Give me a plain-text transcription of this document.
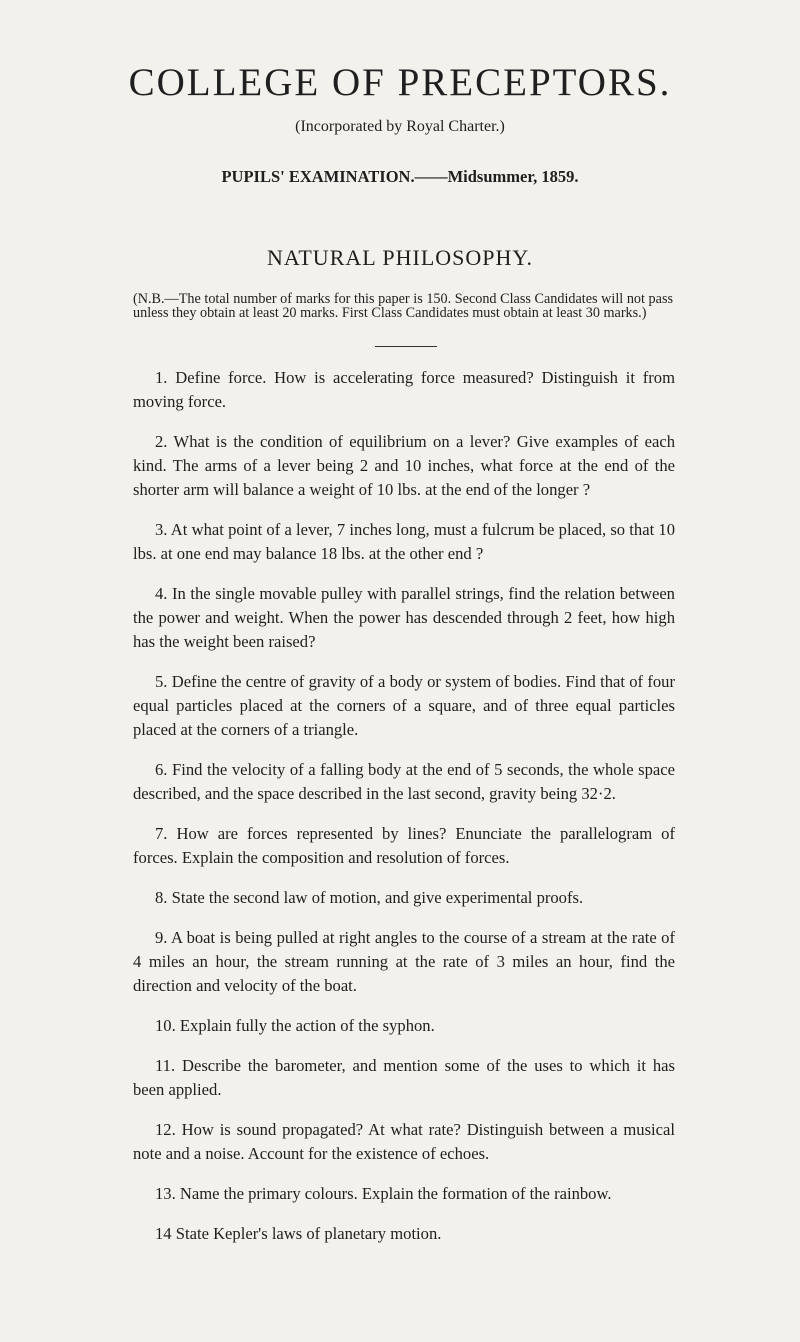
COLLEGE OF PRECEPTORS.
(Incorporated by Royal Charter.)
PUPILS' EXAMINATION.——Midsummer, 1859.
NATURAL PHILOSOPHY.
(N.B.—The total number of marks for this paper is 150. Second Class Candidates will not pass unless they obtain at least 20 marks. First Class Candidates must obtain at least 30 marks.)

1. Define force. How is accelerating force measured? Distinguish it from moving force.

2. What is the condition of equilibrium on a lever? Give examples of each kind. The arms of a lever being 2 and 10 inches, what force at the end of the shorter arm will balance a weight of 10 lbs. at the end of the longer ?

3. At what point of a lever, 7 inches long, must a fulcrum be placed, so that 10 lbs. at one end may balance 18 lbs. at the other end ?

4. In the single movable pulley with parallel strings, find the relation between the power and weight. When the power has descended through 2 feet, how high has the weight been raised?

5. Define the centre of gravity of a body or system of bodies. Find that of four equal particles placed at the corners of a square, and of three equal particles placed at the corners of a triangle.

6. Find the velocity of a falling body at the end of 5 seconds, the whole space described, and the space described in the last second, gravity being 32·2.

7. How are forces represented by lines? Enunciate the parallelogram of forces. Explain the composition and resolution of forces.

8. State the second law of motion, and give experimental proofs.

9. A boat is being pulled at right angles to the course of a stream at the rate of 4 miles an hour, the stream running at the rate of 3 miles an hour, find the direction and velocity of the boat.

10. Explain fully the action of the syphon.

11. Describe the barometer, and mention some of the uses to which it has been applied.

12. How is sound propagated? At what rate? Distinguish between a musical note and a noise. Account for the existence of echoes.

13. Name the primary colours. Explain the formation of the rainbow.

14 State Kepler's laws of planetary motion.
